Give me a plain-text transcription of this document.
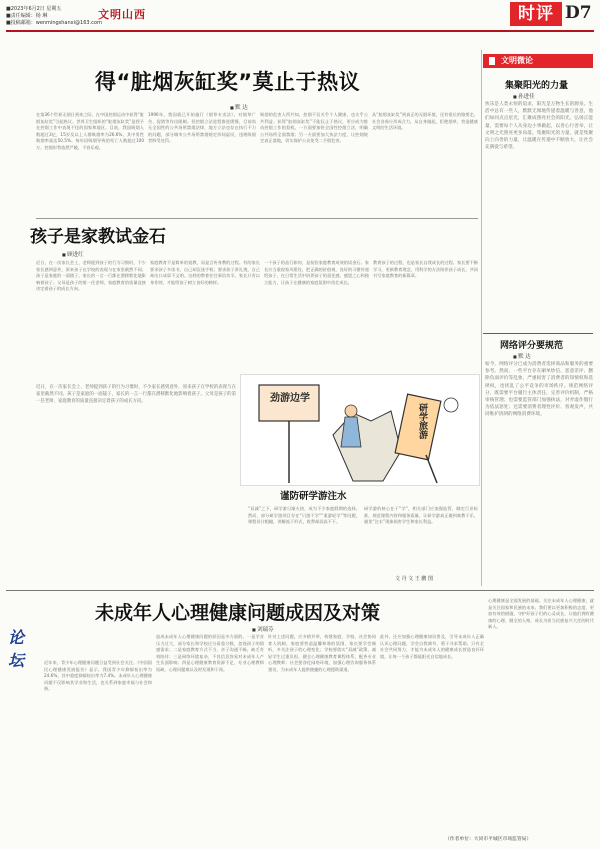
■2023年6月2日 星期五
■责任编辑：杨 琳
■投稿邮箱：wenmingshanxi@163.com
文明山西	时评 D7
得“脏烟灰缸奖”莫止于热议
■ 默 达
在第36个世界无烟日到来之际，在中国控烟运动中获得“脏烟灰缸奖”引起热议。世界卫生组织的“脏烟灰缸奖”是授予在控烟工作中表现不佳的国家和地区。目前，我国吸烟人数超过3亿，15岁及以上人群吸烟率为26.6%，其中男性吸烟率高达50.5%。每年因吸烟导致的死亡人数超过100万。控烟形势依然严峻，不容乐观。
1996年，我国就已开始施行《烟草专卖法》，对烟草广告、促销等作出限制。但控烟立法进程推进缓慢，目前尚无全国性的公共场所禁烟法律，地方立法也存在执行不力的问题，部分城市公共场所禁烟规定形同虚设，违规吸烟者鲜受处罚。
吸烟的危害人所共知，控烟不仅关乎个人健康，也关乎公共利益。获得“脏烟灰缸奖”不能仅止于热议，更应成为推动控烟工作的契机。一方面要加快全国性控烟立法，明确公共场所全面禁烟；另一方面要加大执法力度，让控烟规定真正落地，切实保护公众免受二手烟危害。
从“脏烟灰缸奖”到真正的无烟环境，还有很长的路要走。社会各界应形成合力，从自身做起，拒绝烟草，营造健康文明的生活环境。
文明微论
集聚阳光的力量
■ 孙进佳
快乐是人类永恒的追求，阳光是万物生长的源泉。生活中总有一些人，默默无闻地传递着温暖与善意，他们如同点点星光，汇聚成照亮社会的阳光。弘扬正能量，需要每个人从身边小事做起，以善心行善举，让文明之光照亮更多角落。集聚阳光的力量，就是集聚向上向善的力量，让温暖在传递中不断放大，让社会充满爱与希望。
网络评分要规范
■ 默 达
如今，网络评分已成为消费者选择商品和服务的重要参考。然而，一些平台存在刷单炒信、恶意差评、删除负面评价等乱象，严重损害了消费者的知情权和选择权，也扰乱了公平竞争的市场秩序。规范网络评分，既需要平台履行主体责任，完善评价机制，严格审核管理；也需要监管部门加强执法，对弄虚作假行为依法惩处；还需要消费者理性评价、客观发声，共同维护清朗的网络消费环境。
孩子是家教试金石
■ 顾进红
近日，在一次家长会上，老师提到孩子的行为习惯时，不少家长感到意外，原来孩子在学校的表现与在家里截然不同。孩子是家庭的一面镜子，家长的一言一行都在潜移默化地影响着孩子。父母是孩子的第一任老师，家庭教育的质量直接决定着孩子的成长方向。
家庭教育不是简单的说教，而是言传身教的过程。有的家长要求孩子多读书，自己却沉迷手机；要求孩子讲礼貌，自己却出口成章不文明。这样的教育往往事倍功半。家长只有以身作则，才能给孩子树立良好的榜样。
一个孩子的品行如何，是检验家庭教育成效的试金石。家长应当重视家风建设，把正确的价值观、良好的习惯传递给孩子，在日常生活中培养孩子的责任感、感恩之心和独立能力，让孩子在健康的家庭氛围中茁壮成长。
教育孩子的过程，也是家长自我成长的过程。家长要不断学习，更新教育理念，用科学的方法陪伴孩子成长，共同书写家庭教育的新篇章。
劲游边学
研学旅游
谨防研学游注水
“双减”之下，研学游日渐火热，成为不少家庭假期的选择。然而，部分研学游项目存在“只游不学”“重游轻学”等问题，课程设计粗糙，讲解流于形式，收费却居高不下。
研学游的核心在于“学”，相关部门应加强监管，制定行业标准，规范课程内容和服务质量，让研学游真正做到寓教于乐，避免“注水”现象损害学生和家长利益。
文 丹 文 王 鹏 图
近日，在一次家长会上，老师提到孩子的行为习惯时，不少家长感到意外，原来孩子在学校的表现与在家里截然不同。孩子是家庭的一面镜子，家长的一言一行都在潜移默化地影响着孩子。父母是孩子的第一任老师，家庭教育的质量直接决定着孩子的成长方向。
论坛
未成年人心理健康问题成因及对策
■ 刘瑞芬
近年来，青少年心理健康问题日益受到社会关注。《中国国民心理健康发展报告》显示，我国青少年抑郁检出率为24.6%，其中重度抑郁检出率为7.4%。未成年人心理健康问题不仅影响其学业和生活，也关系到家庭幸福与社会和谐。
造成未成年人心理健康问题的原因是多方面的。一是学业压力过大，部分家长和学校过分看重分数，忽视孩子的情感需求；二是家庭教育方式不当，亲子沟通不畅，缺乏有效陪伴；三是网络环境复杂，不良信息容易对未成年人产生负面影响；四是心理健康教育资源不足，专业心理教师短缺，心理问题难以及时发现和干预。
针对上述问题，应多措并举，构建家庭、学校、社会协同育人机制。家庭要营造温馨和谐的氛围，家长要学会倾听，多关注孩子的心理变化；学校要落实“双减”政策，减轻学生过重负担，健全心理健康教育课程体系，配齐专业心理教师；社会要净化网络环境，加强心理咨询服务体系建设，为未成年人提供便捷的心理援助渠道。
此外，还应加强心理健康知识普及，引导未成年人正确认识心理问题，学会自我调节，勇于寻求帮助。只有全社会共同努力，才能为未成年人的健康成长营造良好环境，让每一个孩子都能阳光自信地成长。
心理健康是全面发展的基础。关注未成年人心理健康，就是关注国家和民族的未来。我们要以更加积极的态度、更加有效的措施，守护好孩子们的心灵成长，让他们拥有健康的心理、健全的人格，成长为担当民族复兴大任的时代新人。
（作者单位：大同市平城区市场监管局）
